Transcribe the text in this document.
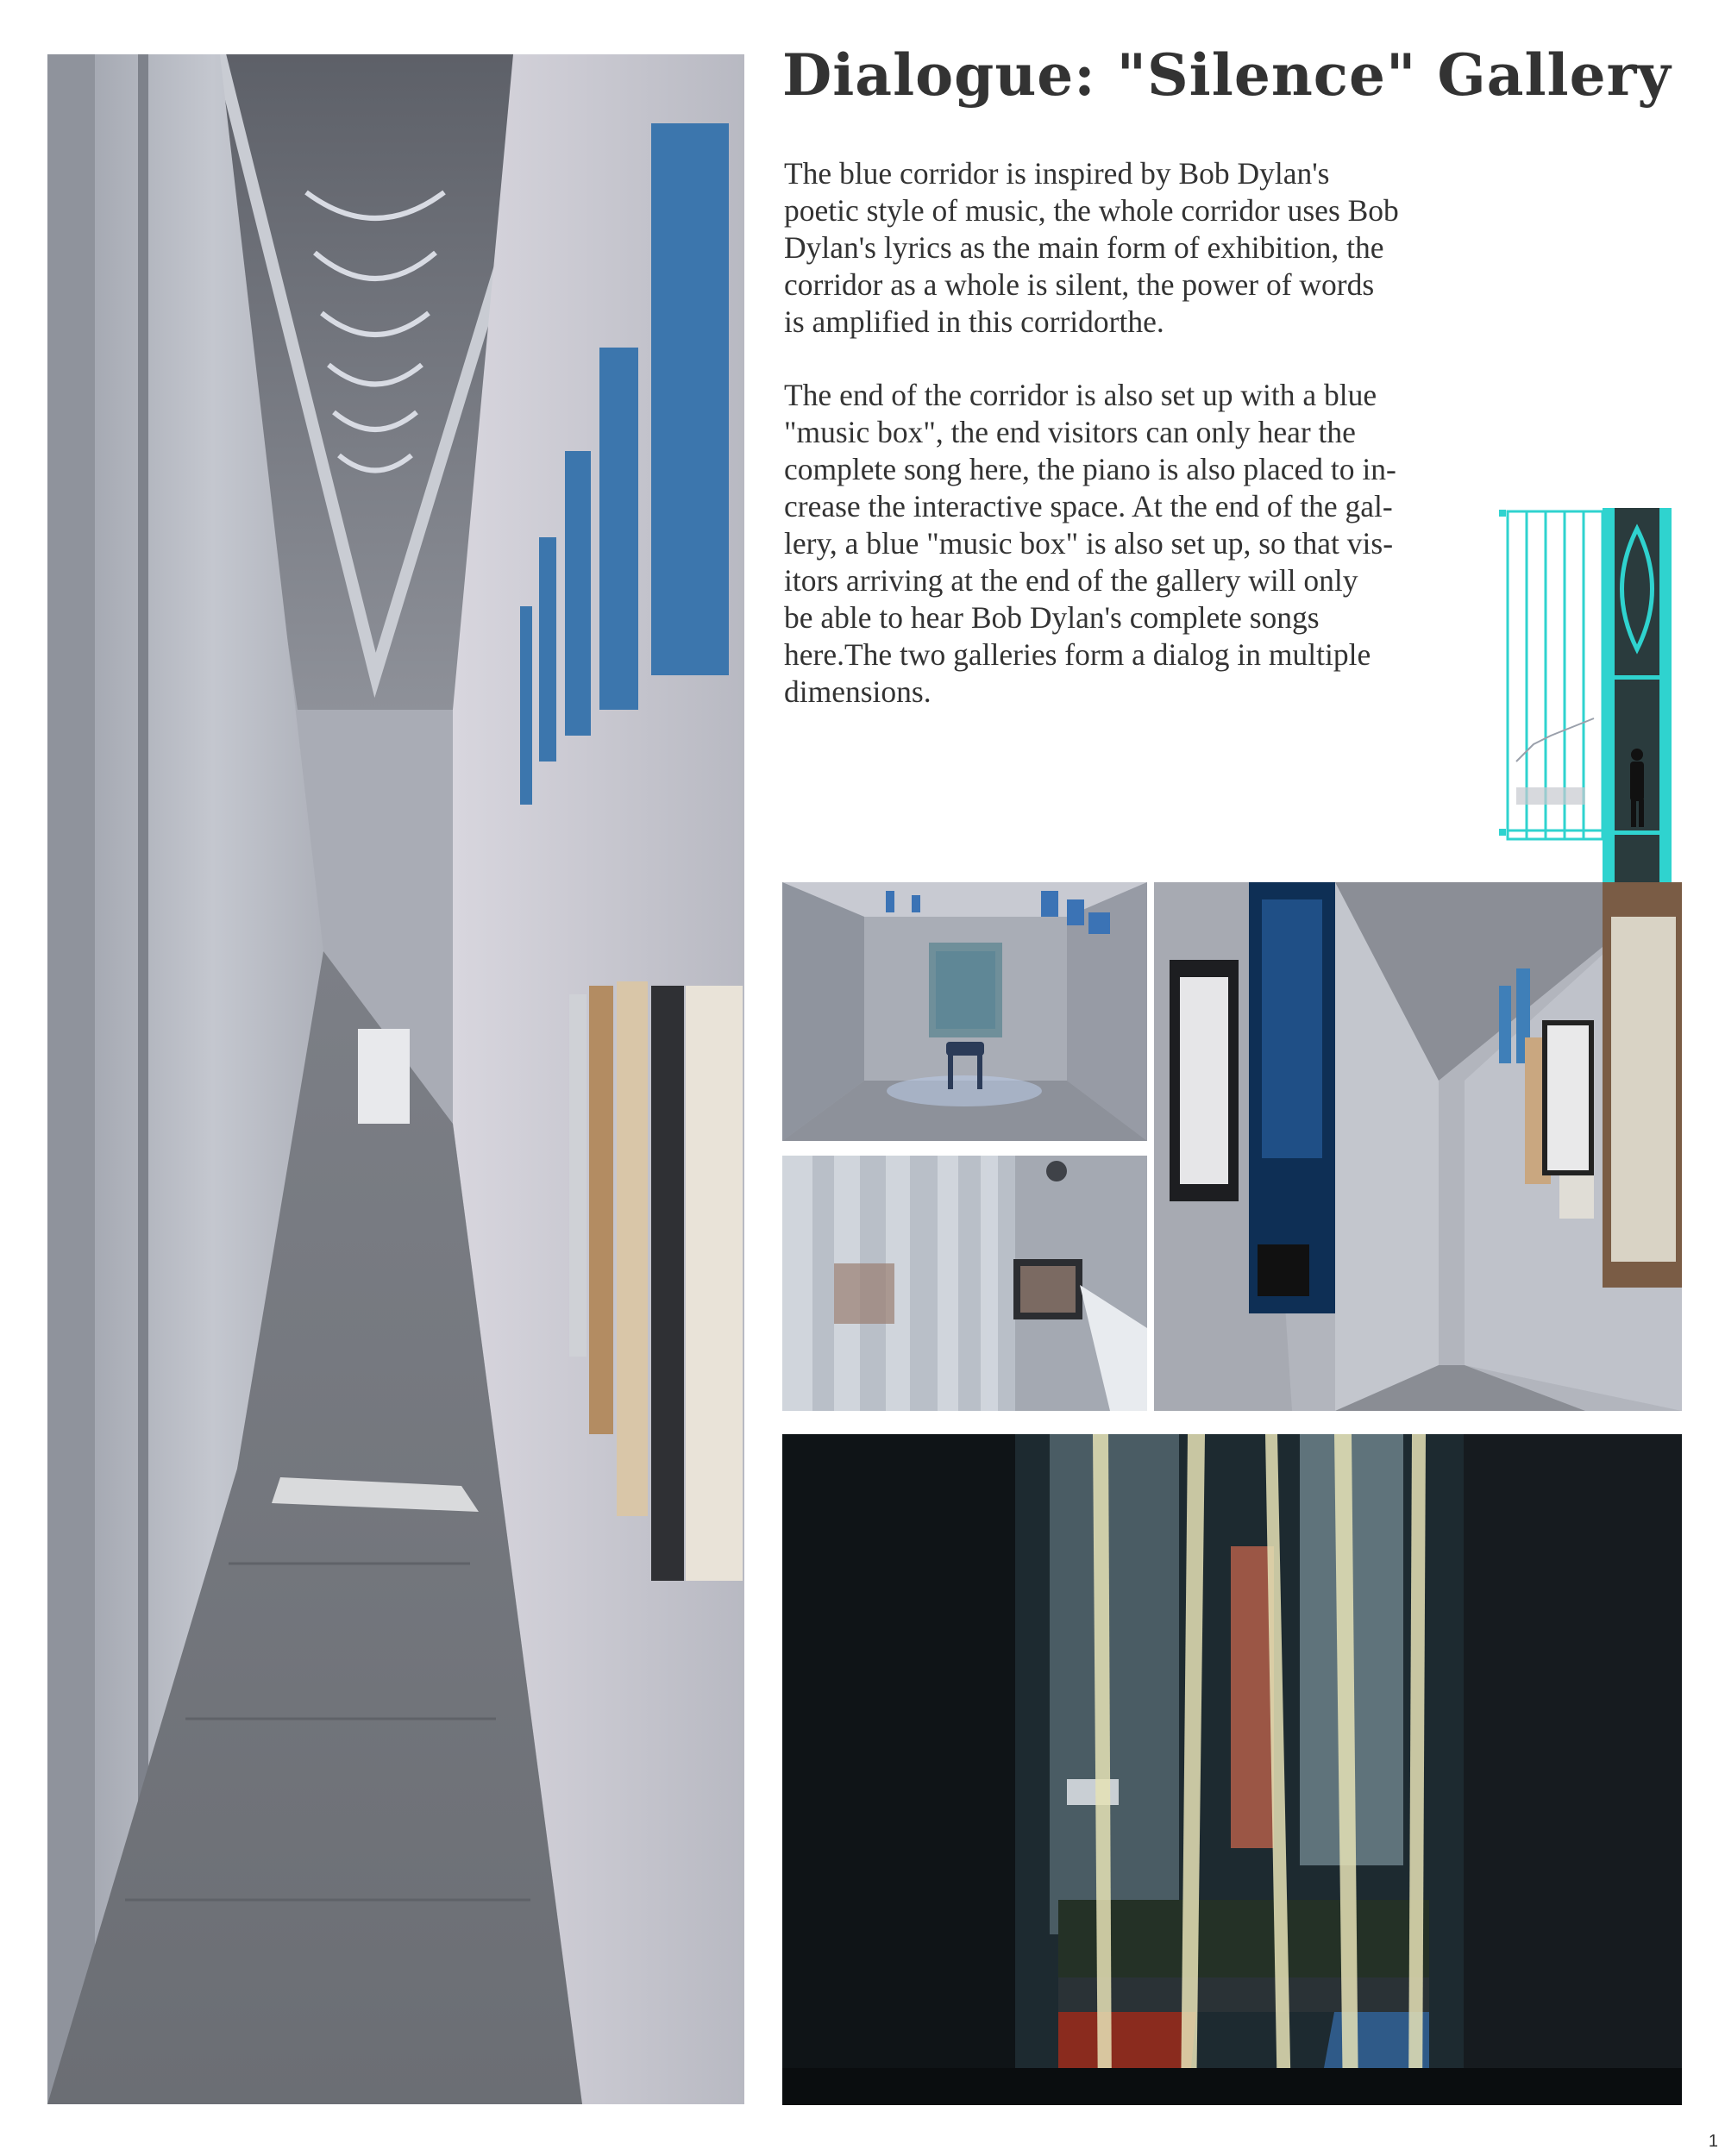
Dialogue: "Silence" Gallery

The blue corridor is inspired by Bob Dylan's
poetic style of music, the whole corridor uses Bob
Dylan's lyrics as the main form of exhibition, the
corridor as a whole is silent, the power of words
is amplified in this corridorthe.

The end of the corridor is also set up with a blue
"music box", the end visitors can only hear the
complete song here, the piano is also placed to in-
crease the interactive space. At the end of the gal-
lery, a blue "music box" is also set up, so that vis-
itors arriving at the end of the gallery will only
be able to hear Bob Dylan's complete songs
here.The two galleries form a dialog in multiple
dimensions.

1
